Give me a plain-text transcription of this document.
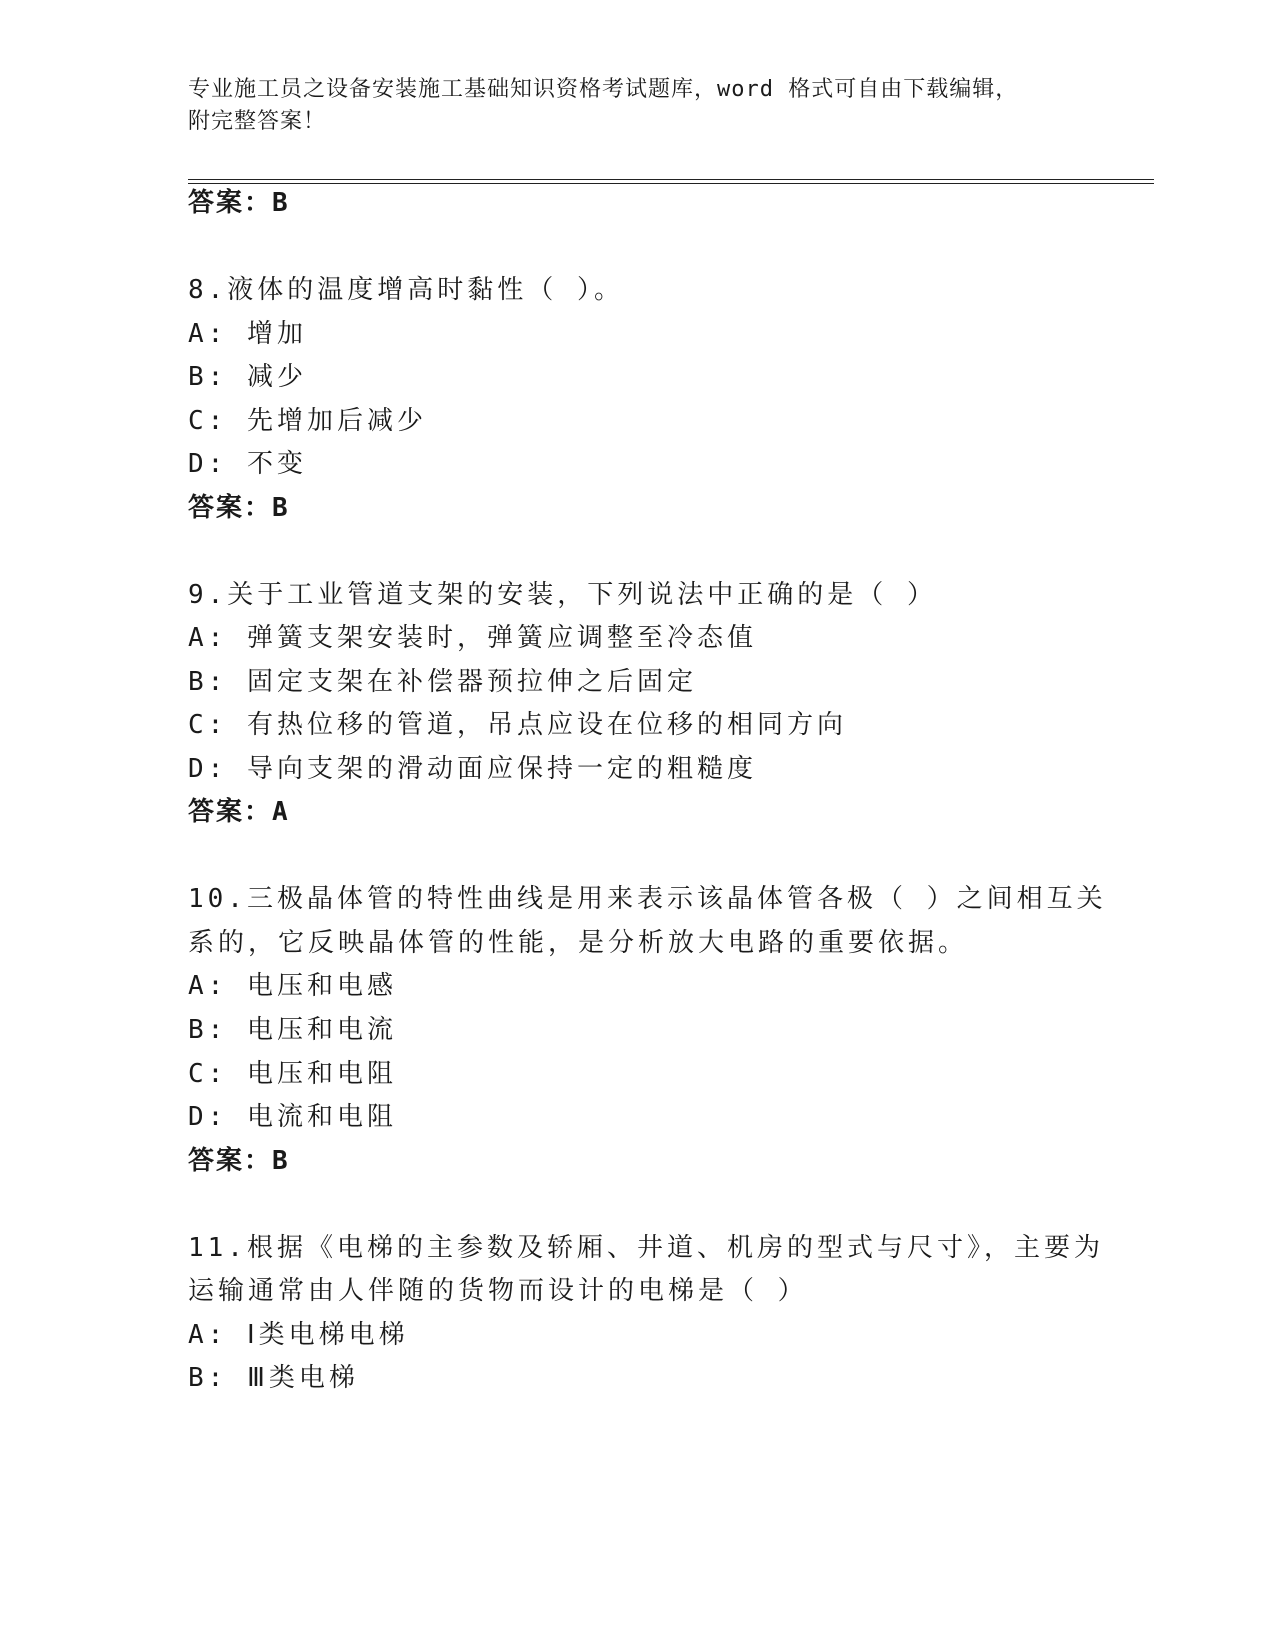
专业施工员之设备安装施工基础知识资格考试题库，word 格式可自由下载编辑，
附完整答案！
答案：B
8.液体的温度增高时黏性（ ）。
A: 增加
B: 减少
C: 先增加后减少
D: 不变
答案：B
9.关于工业管道支架的安装，下列说法中正确的是（ ）
A: 弹簧支架安装时，弹簧应调整至冷态值
B: 固定支架在补偿器预拉伸之后固定
C: 有热位移的管道，吊点应设在位移的相同方向
D: 导向支架的滑动面应保持一定的粗糙度
答案：A
10.三极晶体管的特性曲线是用来表示该晶体管各极（ ）之间相互关
系的，它反映晶体管的性能，是分析放大电路的重要依据。
A: 电压和电感
B: 电压和电流
C: 电压和电阻
D: 电流和电阻
答案：B
11.根据《电梯的主参数及轿厢、井道、机房的型式与尺寸》，主要为
运输通常由人伴随的货物而设计的电梯是（ ）
A: Ⅰ类电梯电梯
B: Ⅲ类电梯
